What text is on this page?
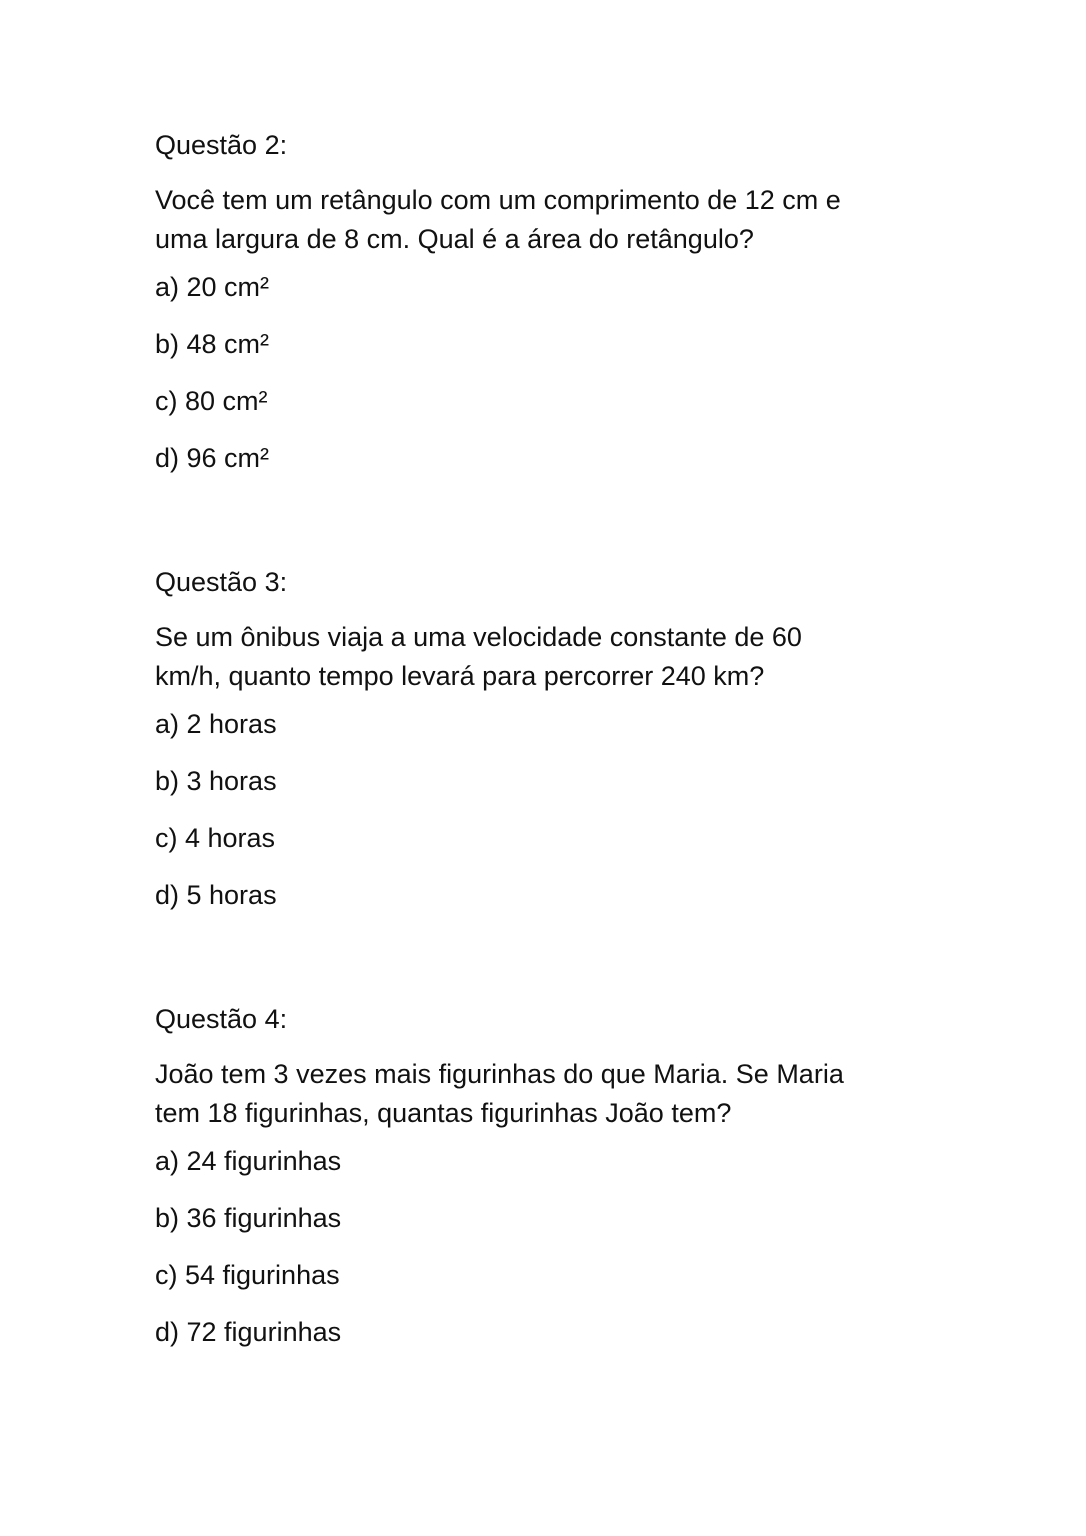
Questão 2:

Você tem um retângulo com um comprimento de 12 cm e
uma largura de 8 cm. Qual é a área do retângulo?

a) 20 cm²
b) 48 cm²
c) 80 cm²
d) 96 cm²

Questão 3:

Se um ônibus viaja a uma velocidade constante de 60
km/h, quanto tempo levará para percorrer 240 km?

a) 2 horas
b) 3 horas
c) 4 horas
d) 5 horas

Questão 4:

João tem 3 vezes mais figurinhas do que Maria. Se Maria
tem 18 figurinhas, quantas figurinhas João tem?

a) 24 figurinhas
b) 36 figurinhas
c) 54 figurinhas
d) 72 figurinhas
